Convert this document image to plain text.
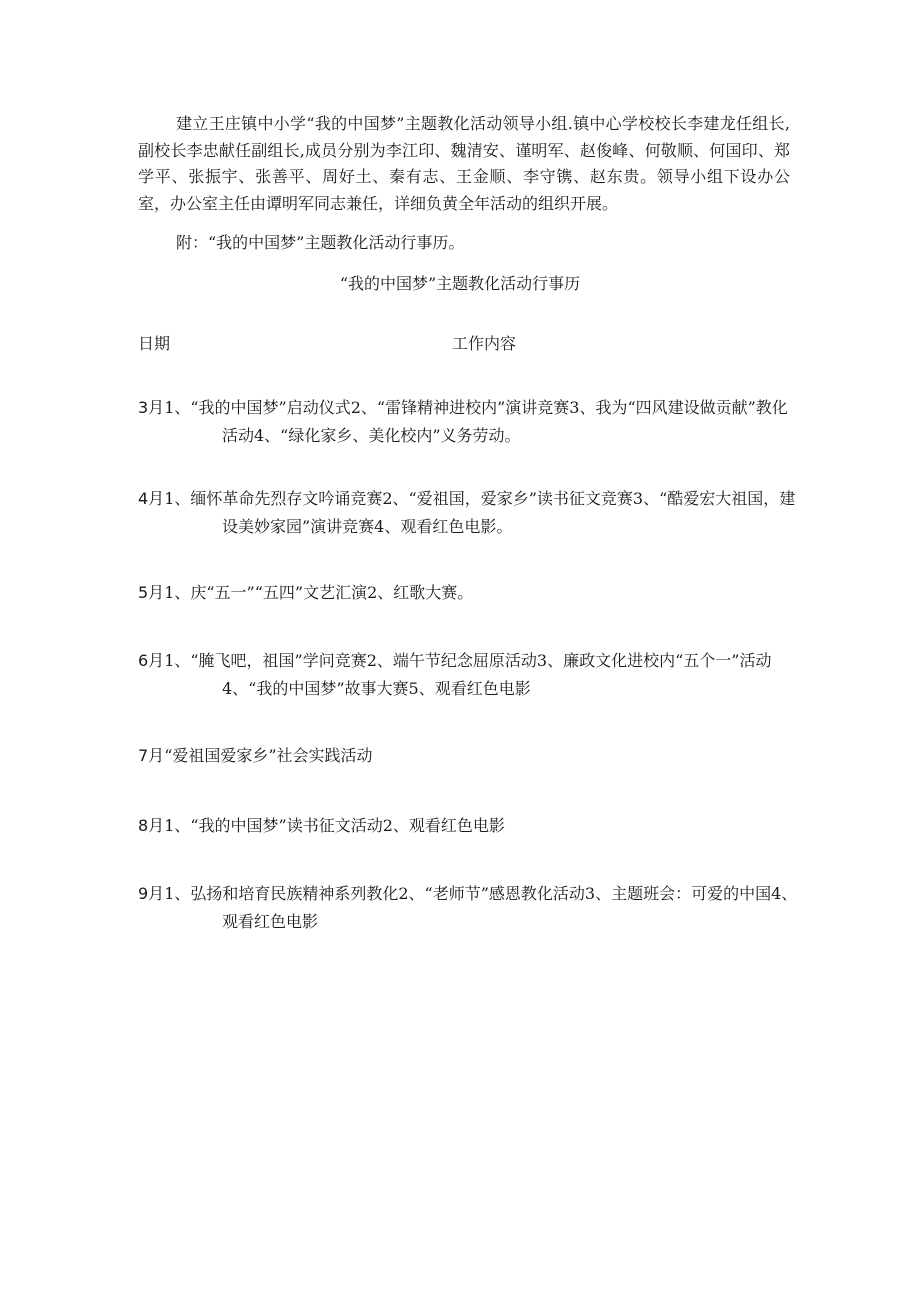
建立王庄镇中小学“我的中国梦”主题教化活动领导小组.镇中心学校校长李建龙任组长,副校长李忠献任副组长,成员分别为李江印、魏清安、谨明军、赵俊峰、何敬顺、何国印、郑学平、张振宇、张善平、周好土、秦有志、王金顺、李守镌、赵东贵。领导小组下设办公室，办公室主任由谭明军同志兼任，详细负黄全年活动的组织开展。

附：“我的中国梦”主题教化活动行事历。

“我的中国梦”主题教化活动行事历

日期	工作内容

3月1、“我的中国梦”启动仪式2、“雷锋精神进校内”演讲竞赛3、我为“四风建设做贡献”教化活动4、“绿化家乡、美化校内”义务劳动。
4月1、缅怀革命先烈存文吟诵竞赛2、“爱祖国，爱家乡”读书征文竞赛3、“酷爱宏大祖国，建设美妙家园”演讲竞赛4、观看红色电影。
5月1、庆“五一”“五四”文艺汇演2、红歌大赛。
6月1、“腌飞吧，祖国”学问竞赛2、端午节纪念屈原活动3、廉政文化进校内“五个一”活动4、“我的中国梦”故事大赛5、观看红色电影
7月“爱祖国爱家乡”社会实践活动
8月1、“我的中国梦”读书征文活动2、观看红色电影
9月1、弘扬和培育民族精神系列教化2、“老师节”感恩教化活动3、主题班会：可爱的中国4、观看红色电影
